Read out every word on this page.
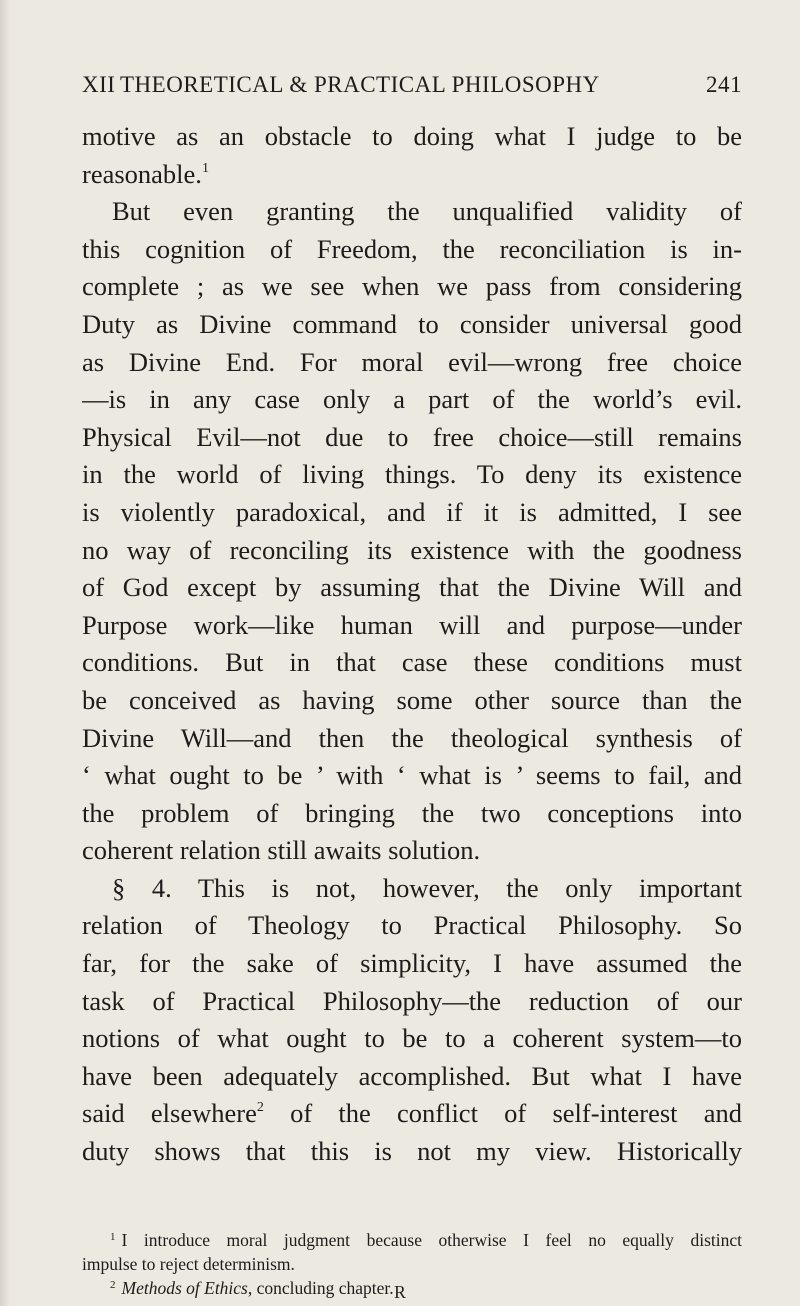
XII THEORETICAL & PRACTICAL PHILOSOPHY	241
motive as an obstacle to doing what I judge to be
reasonable.$^1$
But even granting the unqualified validity of
this cognition of Freedom, the reconciliation is in-
complete ; as we see when we pass from considering
Duty as Divine command to consider universal good
as Divine End. For moral evil—wrong free choice
—is in any case only a part of the world’s evil.
Physical Evil—not due to free choice—still remains
in the world of living things. To deny its existence
is violently paradoxical, and if it is admitted, I see
no way of reconciling its existence with the goodness
of God except by assuming that the Divine Will and
Purpose work—like human will and purpose—under
conditions. But in that case these conditions must
be conceived as having some other source than the
Divine Will—and then the theological synthesis of
‘ what ought to be ’ with ‘ what is ’ seems to fail, and
the problem of bringing the two conceptions into
coherent relation still awaits solution.
§ 4. This is not, however, the only important
relation of Theology to Practical Philosophy. So
far, for the sake of simplicity, I have assumed the
task of Practical Philosophy—the reduction of our
notions of what ought to be to a coherent system—to
have been adequately accomplished. But what I have
said elsewhere$^2$ of the conflict of self-interest and
duty shows that this is not my view. Historically
$^1$ I introduce moral judgment because otherwise I feel no equally distinct
impulse to reject determinism.
$^2$ Methods of Ethics, concluding chapter. R
